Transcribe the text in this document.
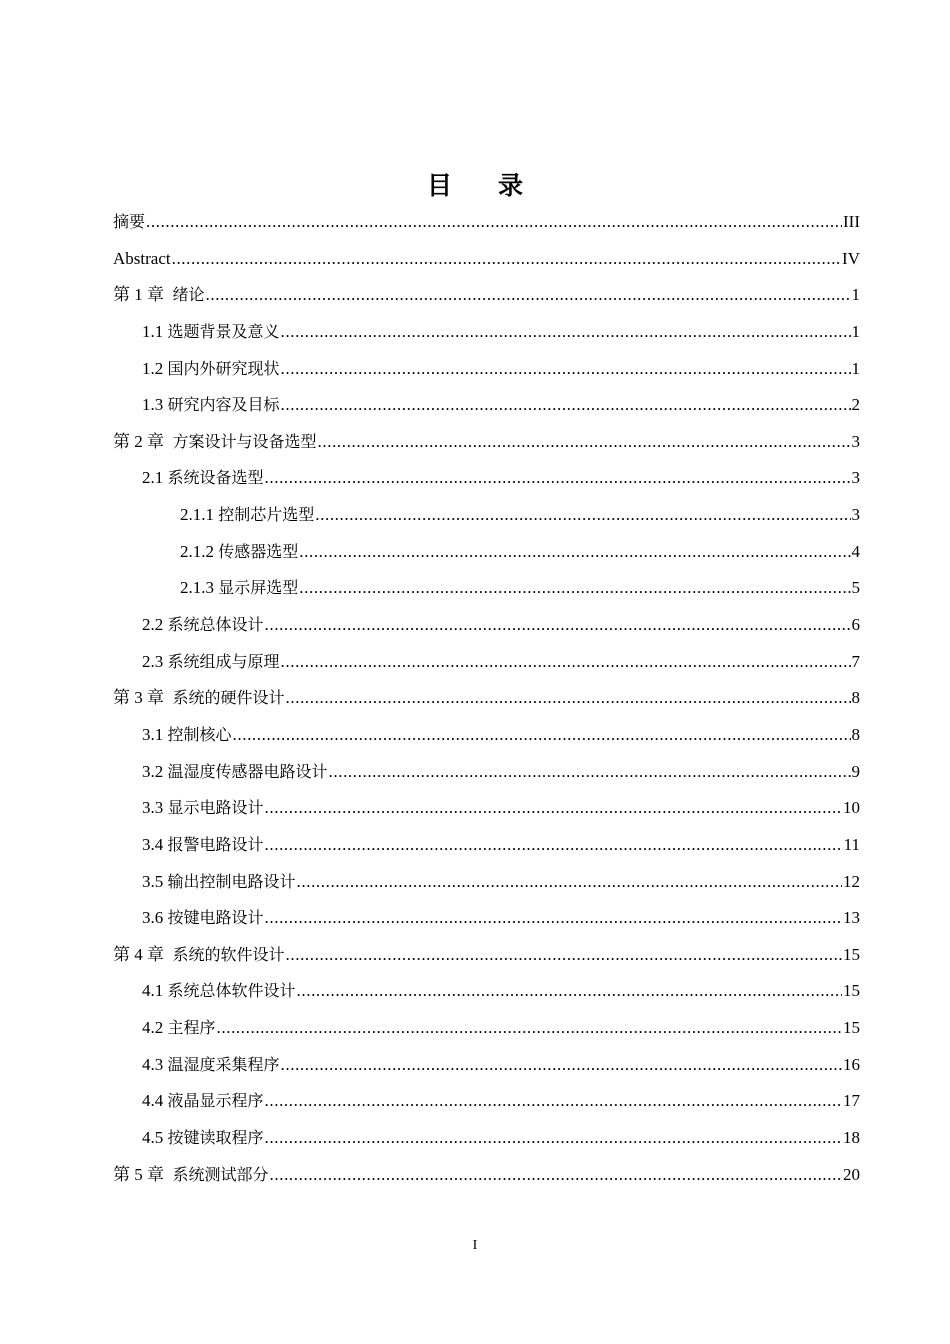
目 录
摘要 .....	III
Abstract .....	IV
第 1 章 绪论 .....	1
1.1 选题背景及意义 .....	1
1.2 国内外研究现状 .....	1
1.3 研究内容及目标 .....	2
第 2 章 方案设计与设备选型 .....	3
2.1 系统设备选型 .....	3
2.1.1 控制芯片选型 .....	3
2.1.2 传感器选型 .....	4
2.1.3 显示屏选型 .....	5
2.2 系统总体设计 .....	6
2.3 系统组成与原理 .....	7
第 3 章 系统的硬件设计 .....	8
3.1 控制核心 .....	8
3.2 温湿度传感器电路设计 .....	9
3.3 显示电路设计 .....	10
3.4 报警电路设计 .....	11
3.5 输出控制电路设计 .....	12
3.6 按键电路设计 .....	13
第 4 章 系统的软件设计 .....	15
4.1 系统总体软件设计 .....	15
4.2 主程序 .....	15
4.3 温湿度采集程序 .....	16
4.4 液晶显示程序 .....	17
4.5 按键读取程序 .....	18
第 5 章 系统测试部分 .....	20
I
